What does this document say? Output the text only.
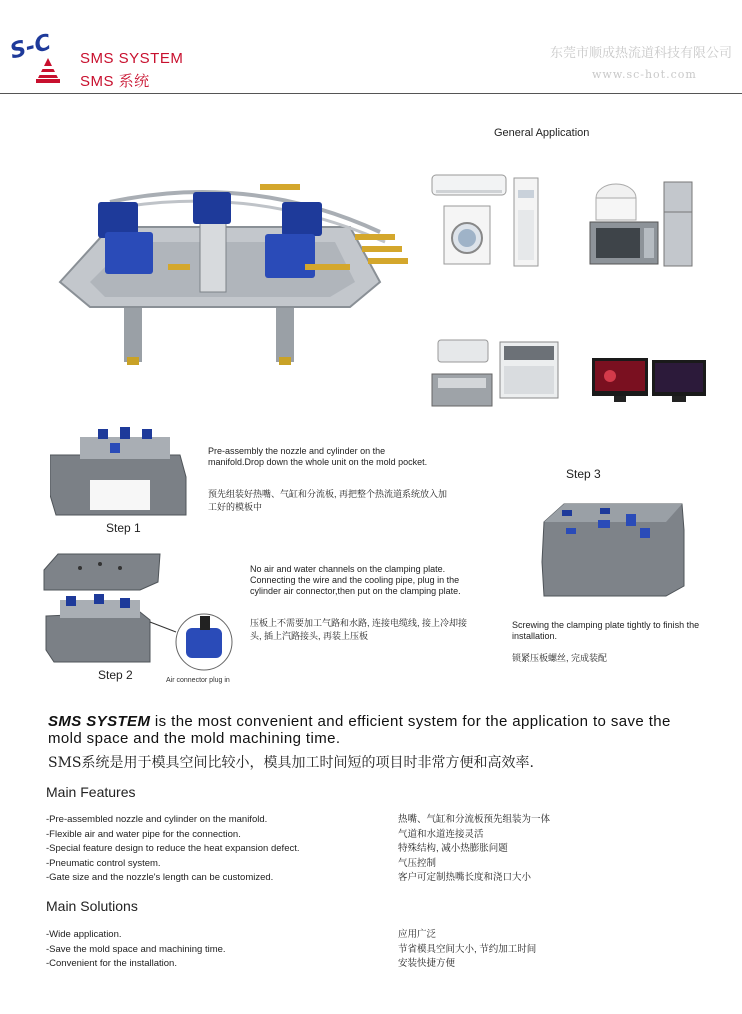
S-C SMS SYSTEM
SMS 系统
东莞市顺成热流道科技有限公司
www.sc-hot.com
General Application
Step 1
Pre-assembly the nozzle and cylinder on the manifold.Drop down the whole unit on the mold pocket.
预先组装好热嘴、气缸和分流板, 再把整个热流道系统放入加工好的模板中
Step 2	Air connector plug in
No air and water channels on the clamping plate. Connecting the wire and the cooling pipe, plug in the cylinder air connector,then put on the clamping plate.
压板上不需要加工气路和水路, 连接电缆线, 接上冷却接头, 插上汽路接头, 再装上压板
Step 3
Screwing the clamping plate tightly to finish the installation.
锁紧压板螺丝, 完成装配
SMS SYSTEM is the most convenient and efficient system for the application to save the mold space and the mold machining time.
SMS系统是用于模具空间比较小，模具加工时间短的项目时非常方便和高效率.
Main Features
-Pre-assembled nozzle and cylinder on the manifold.
-Flexible air and water pipe for the connection.
-Special feature design to reduce the heat expansion defect.
-Pneumatic control system.
-Gate size and the nozzle's length can be customized.
热嘴、气缸和分流板预先组装为一体
气道和水道连接灵活
特殊结构, 减小热膨胀问题
气压控制
客户可定制热嘴长度和浇口大小
Main Solutions
-Wide application.
-Save the mold space and machining time.
-Convenient for the installation.
应用广泛
节省模具空间大小, 节约加工时间
安装快捷方便
